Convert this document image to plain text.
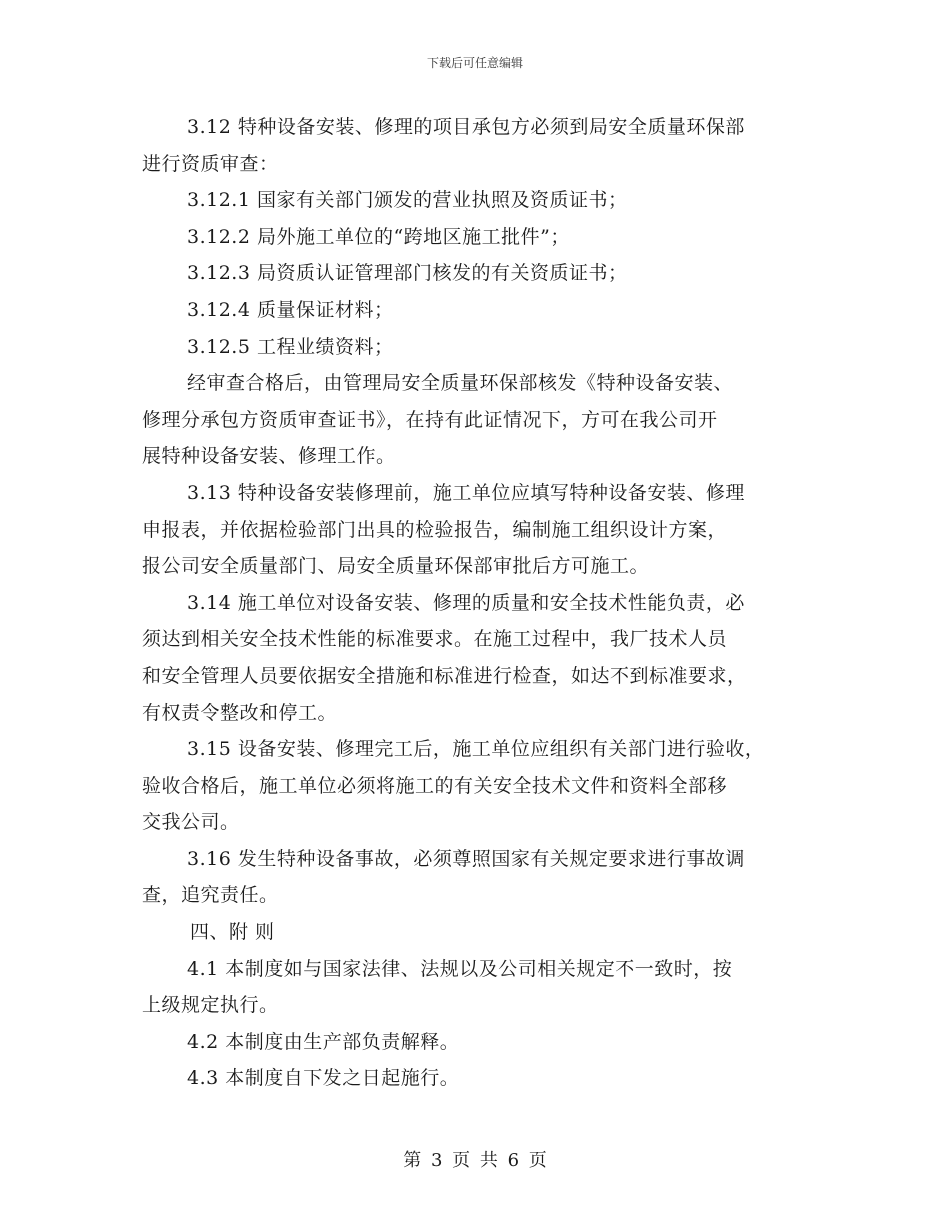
下载后可任意编辑
3.12 特种设备安装、修理的项目承包方必须到局安全质量环保部
进行资质审查：
3.12.1 国家有关部门颁发的营业执照及资质证书；
3.12.2 局外施工单位的“跨地区施工批件”；
3.12.3 局资质认证管理部门核发的有关资质证书；
3.12.4 质量保证材料；
3.12.5 工程业绩资料；
经审查合格后，由管理局安全质量环保部核发《特种设备安装、
修理分承包方资质审查证书》，在持有此证情况下，方可在我公司开
展特种设备安装、修理工作。
3.13 特种设备安装修理前，施工单位应填写特种设备安装、修理
申报表，并依据检验部门出具的检验报告，编制施工组织设计方案，
报公司安全质量部门、局安全质量环保部审批后方可施工。
3.14 施工单位对设备安装、修理的质量和安全技术性能负责，必
须达到相关安全技术性能的标准要求。在施工过程中，我厂技术人员
和安全管理人员要依据安全措施和标准进行检查，如达不到标准要求，
有权责令整改和停工。
3.15 设备安装、修理完工后，施工单位应组织有关部门进行验收，
验收合格后，施工单位必须将施工的有关安全技术文件和资料全部移
交我公司。
3.16 发生特种设备事故，必须尊照国家有关规定要求进行事故调
查，追究责任。
四、附 则
4.1 本制度如与国家法律、法规以及公司相关规定不一致时，按
上级规定执行。
4.2 本制度由生产部负责解释。
4.3 本制度自下发之日起施行。
第 3 页 共 6 页
